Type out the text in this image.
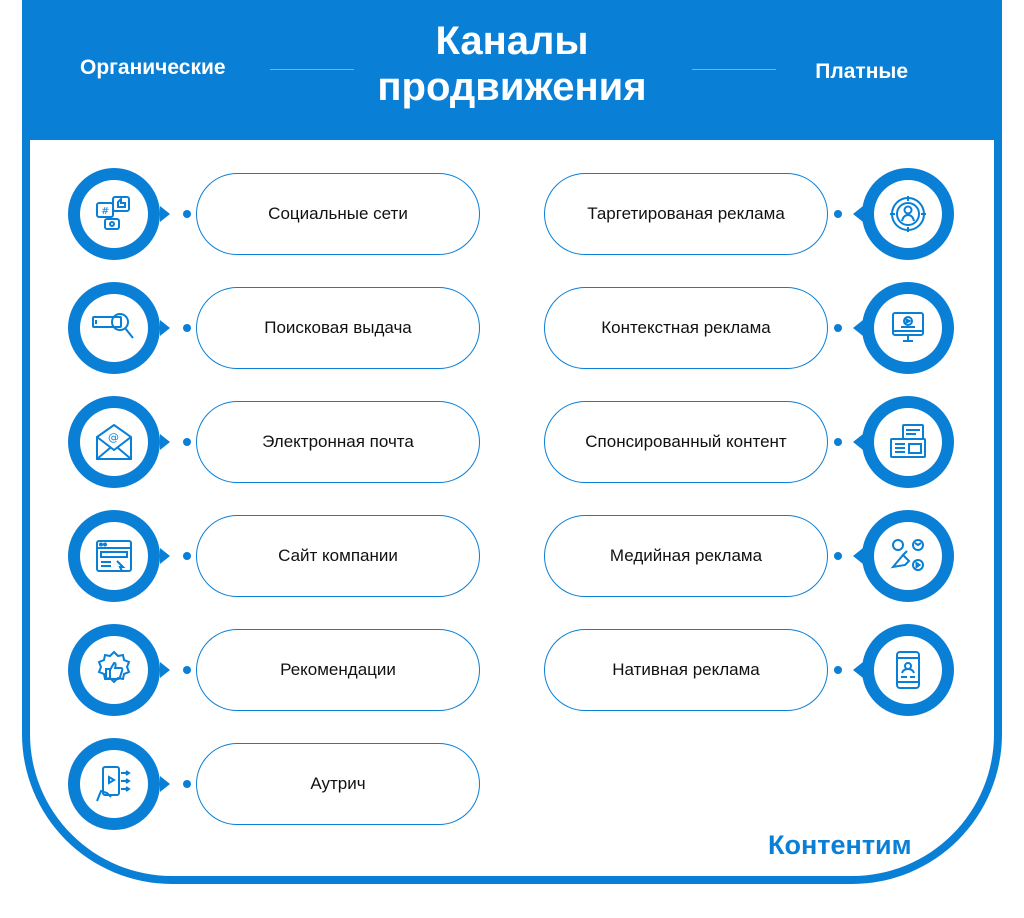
Каналы
продвижения
Органические	Платные
#	Социальные сети
Поисковая выдача
@	Электронная почта
Сайт компании
Рекомендации
Аутрич
Таргетированая реклама
Контекстная реклама
Спонсированный контент
Медийная реклама
Нативная реклама
Контентим
